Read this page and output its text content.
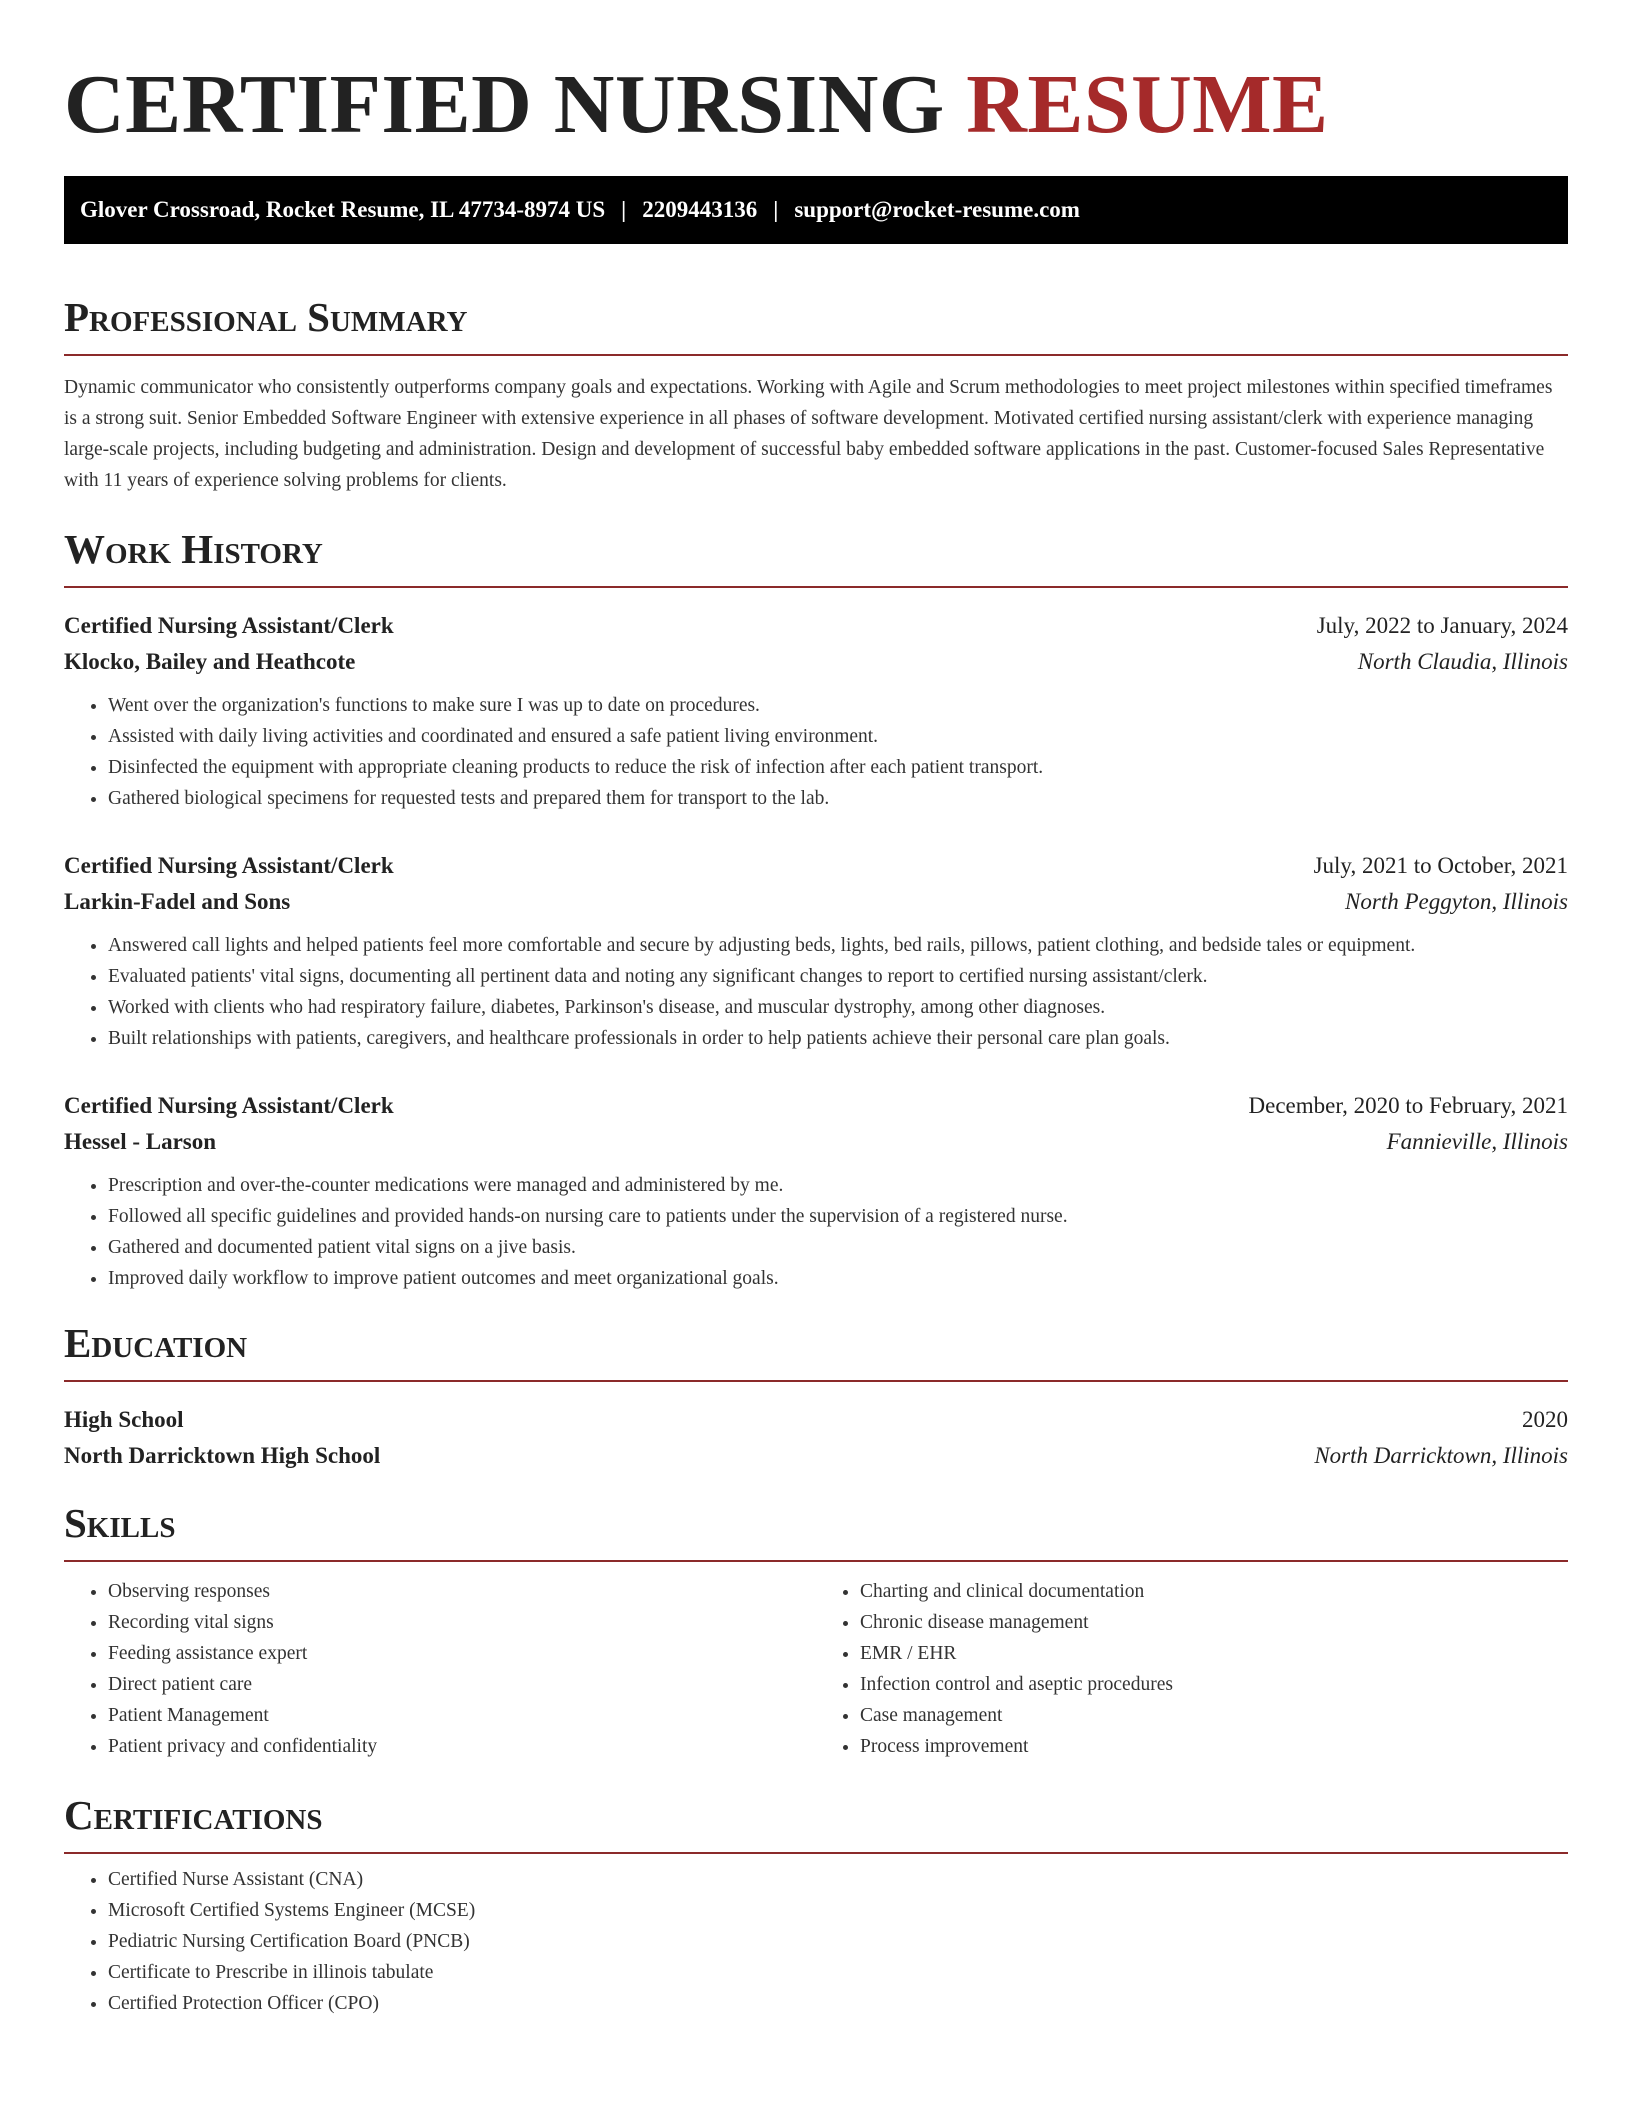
CERTIFIED NURSING RESUME
Glover Crossroad, Rocket Resume, IL 47734-8974 US | 2209443136 | support@rocket-resume.com
Professional Summary

Dynamic communicator who consistently outperforms company goals and expectations. Working with Agile and Scrum methodologies to meet project milestones within specified timeframes is a strong suit. Senior Embedded Software Engineer with extensive experience in all phases of software development. Motivated certified nursing assistant/clerk with experience managing large-scale projects, including budgeting and administration. Design and development of successful baby embedded software applications in the past. Customer-focused Sales Representative with 11 years of experience solving problems for clients.

Work History
Certified Nursing Assistant/Clerk	July, 2022 to January, 2024
Klocko, Bailey and Heathcote	North Claudia, Illinois
• Went over the organization's functions to make sure I was up to date on procedures.
• Assisted with daily living activities and coordinated and ensured a safe patient living environment.
• Disinfected the equipment with appropriate cleaning products to reduce the risk of infection after each patient transport.
• Gathered biological specimens for requested tests and prepared them for transport to the lab.
Certified Nursing Assistant/Clerk	July, 2021 to October, 2021
Larkin-Fadel and Sons	North Peggyton, Illinois
• Answered call lights and helped patients feel more comfortable and secure by adjusting beds, lights, bed rails, pillows, patient clothing, and bedside tales or equipment.
• Evaluated patients' vital signs, documenting all pertinent data and noting any significant changes to report to certified nursing assistant/clerk.
• Worked with clients who had respiratory failure, diabetes, Parkinson's disease, and muscular dystrophy, among other diagnoses.
• Built relationships with patients, caregivers, and healthcare professionals in order to help patients achieve their personal care plan goals.
Certified Nursing Assistant/Clerk	December, 2020 to February, 2021
Hessel - Larson	Fannieville, Illinois
• Prescription and over-the-counter medications were managed and administered by me.
• Followed all specific guidelines and provided hands-on nursing care to patients under the supervision of a registered nurse.
• Gathered and documented patient vital signs on a jive basis.
• Improved daily workflow to improve patient outcomes and meet organizational goals.
Education
High School	2020
North Darricktown High School	North Darricktown, Illinois
Skills
• Observing responses
• Recording vital signs
• Feeding assistance expert
• Direct patient care
• Patient Management
• Patient privacy and confidentiality
• Charting and clinical documentation
• Chronic disease management
• EMR / EHR
• Infection control and aseptic procedures
• Case management
• Process improvement
Certifications
• Certified Nurse Assistant (CNA)
• Microsoft Certified Systems Engineer (MCSE)
• Pediatric Nursing Certification Board (PNCB)
• Certificate to Prescribe in illinois tabulate
• Certified Protection Officer (CPO)
